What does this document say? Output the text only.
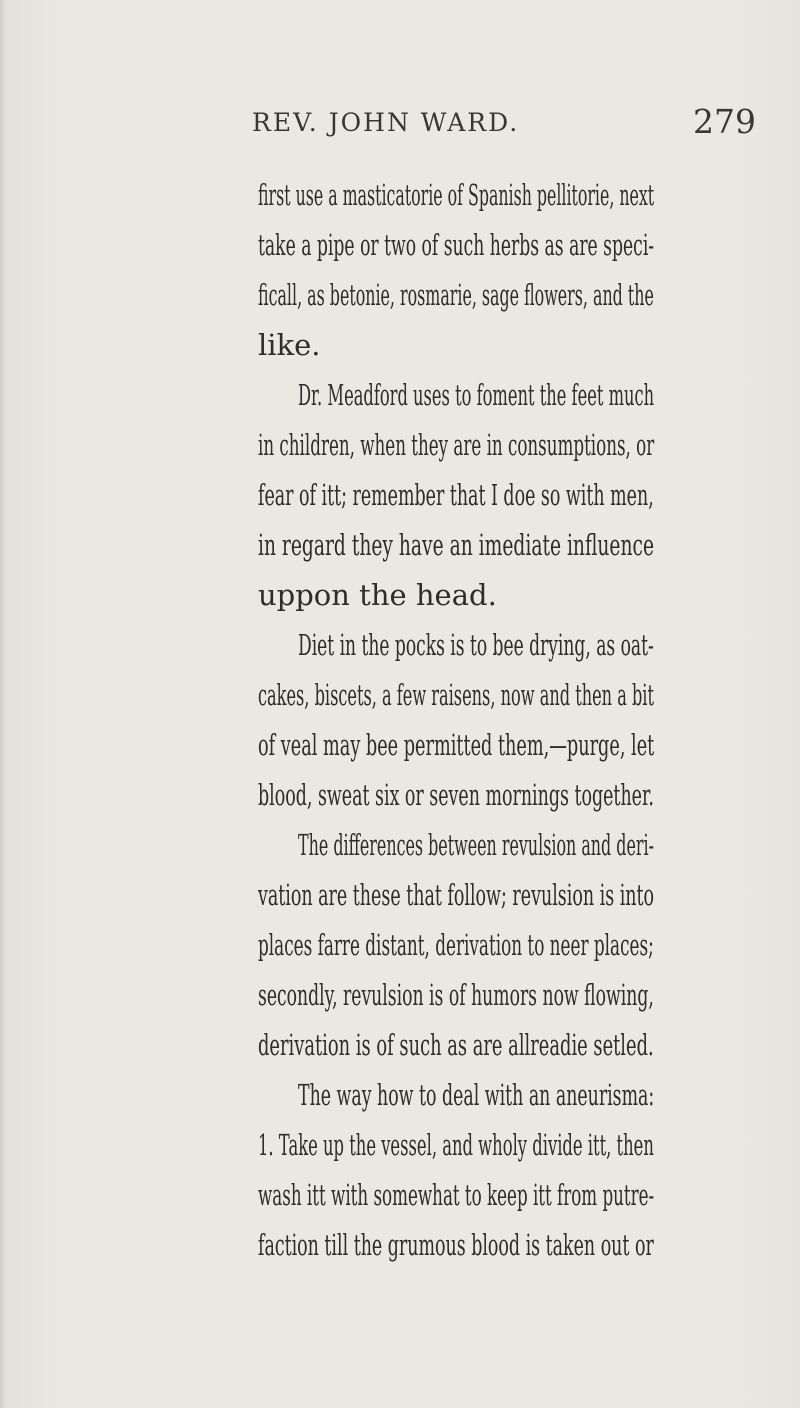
REV. JOHN WARD.	279
first use a masticatorie of Spanish pellitorie, next
take a pipe or two of such herbs as are speci-
ficall, as betonie, rosmarie, sage flowers, and the
like.
Dr. Meadford uses to foment the feet much
in children, when they are in consumptions, or
fear of itt; remember that I doe so with men,
in regard they have an imediate influence
uppon the head.
Diet in the pocks is to bee drying, as oat-
cakes, biscets, a few raisens, now and then a bit
of veal may bee permitted them,—purge, let
blood, sweat six or seven mornings together.
The differences between revulsion and deri-
vation are these that follow; revulsion is into
places farre distant, derivation to neer places;
secondly, revulsion is of humors now flowing,
derivation is of such as are allreadie setled.
The way how to deal with an aneurisma:
1. Take up the vessel, and wholy divide itt, then
wash itt with somewhat to keep itt from putre-
faction till the grumous blood is taken out or
